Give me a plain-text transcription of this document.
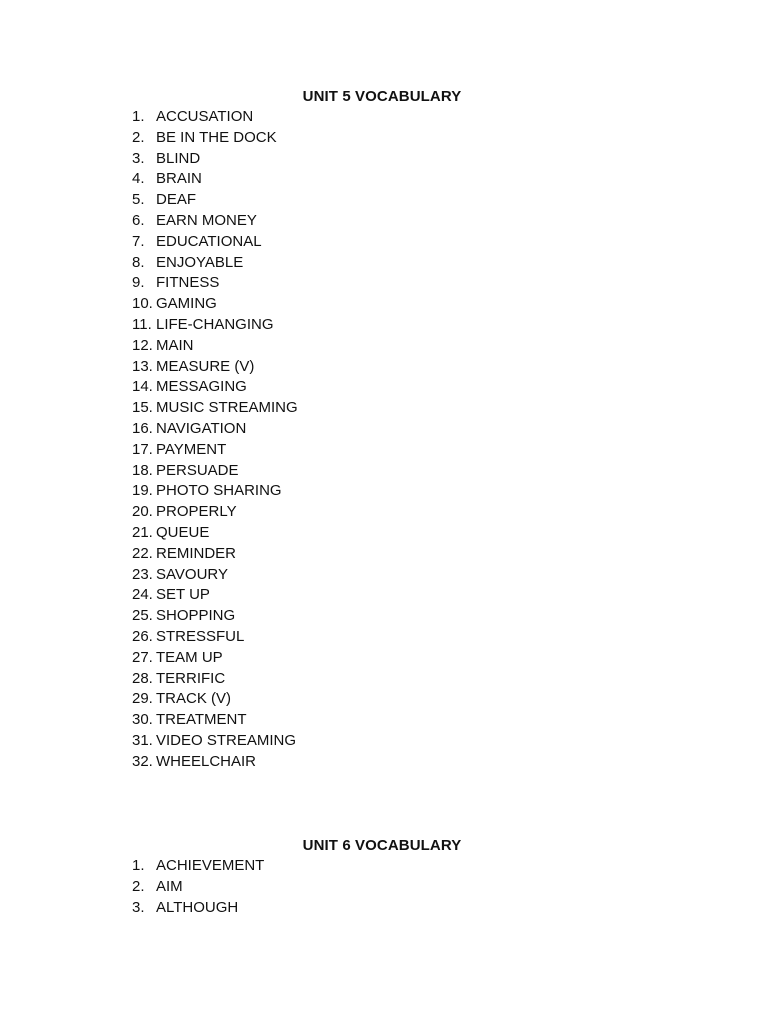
UNIT 5 VOCABULARY
1. ACCUSATION
2. BE IN THE DOCK
3. BLIND
4. BRAIN
5. DEAF
6. EARN MONEY
7. EDUCATIONAL
8. ENJOYABLE
9. FITNESS
10. GAMING
11. LIFE-CHANGING
12. MAIN
13. MEASURE (V)
14. MESSAGING
15. MUSIC STREAMING
16. NAVIGATION
17. PAYMENT
18. PERSUADE
19. PHOTO SHARING
20. PROPERLY
21. QUEUE
22. REMINDER
23. SAVOURY
24. SET UP
25. SHOPPING
26. STRESSFUL
27. TEAM UP
28. TERRIFIC
29. TRACK (V)
30. TREATMENT
31. VIDEO STREAMING
32. WHEELCHAIR
UNIT 6 VOCABULARY
1. ACHIEVEMENT
2. AIM
3. ALTHOUGH
